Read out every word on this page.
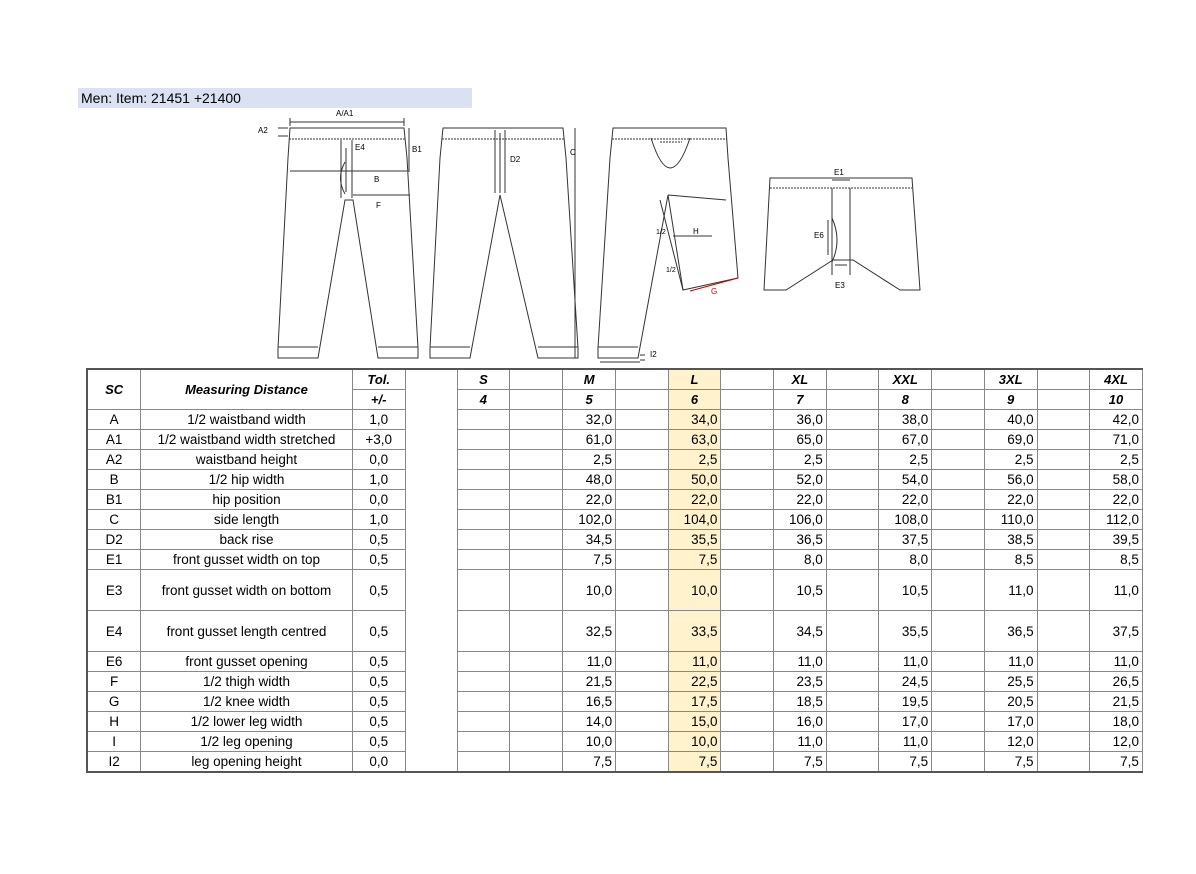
Men: Item: 21451 +21400
A/A1
A2
E4	B1
B
F
D2
C
1/2	H
1/2
G
I2
E1
E6
E3
SC	Measuring Distance	Tol.		S		M		L		XL		XXL		3XL		4XL
		+/-		4		5		6		7		8		9		10
A	1/2 waistband width	1,0				32,0		34,0		36,0		38,0		40,0		42,0
A1	1/2 waistband width stretched	+3,0				61,0		63,0		65,0		67,0		69,0		71,0
A2	waistband height	0,0				2,5		2,5		2,5		2,5		2,5		2,5
B	1/2 hip width	1,0				48,0		50,0		52,0		54,0		56,0		58,0
B1	hip position	0,0				22,0		22,0		22,0		22,0		22,0		22,0
C	side length	1,0				102,0		104,0		106,0		108,0		110,0		112,0
D2	back rise	0,5				34,5		35,5		36,5		37,5		38,5		39,5
E1	front gusset width on top	0,5				7,5		7,5		8,0		8,0		8,5		8,5
E3	front gusset width on bottom	0,5				10,0		10,0		10,5		10,5		11,0		11,0
E4	front gusset length centred	0,5				32,5		33,5		34,5		35,5		36,5		37,5
E6	front gusset opening	0,5				11,0		11,0		11,0		11,0		11,0		11,0
F	1/2 thigh width	0,5				21,5		22,5		23,5		24,5		25,5		26,5
G	1/2 knee width	0,5				16,5		17,5		18,5		19,5		20,5		21,5
H	1/2 lower leg width	0,5				14,0		15,0		16,0		17,0		17,0		18,0
I	1/2 leg opening	0,5				10,0		10,0		11,0		11,0		12,0		12,0
I2	leg opening height	0,0				7,5		7,5		7,5		7,5		7,5		7,5
